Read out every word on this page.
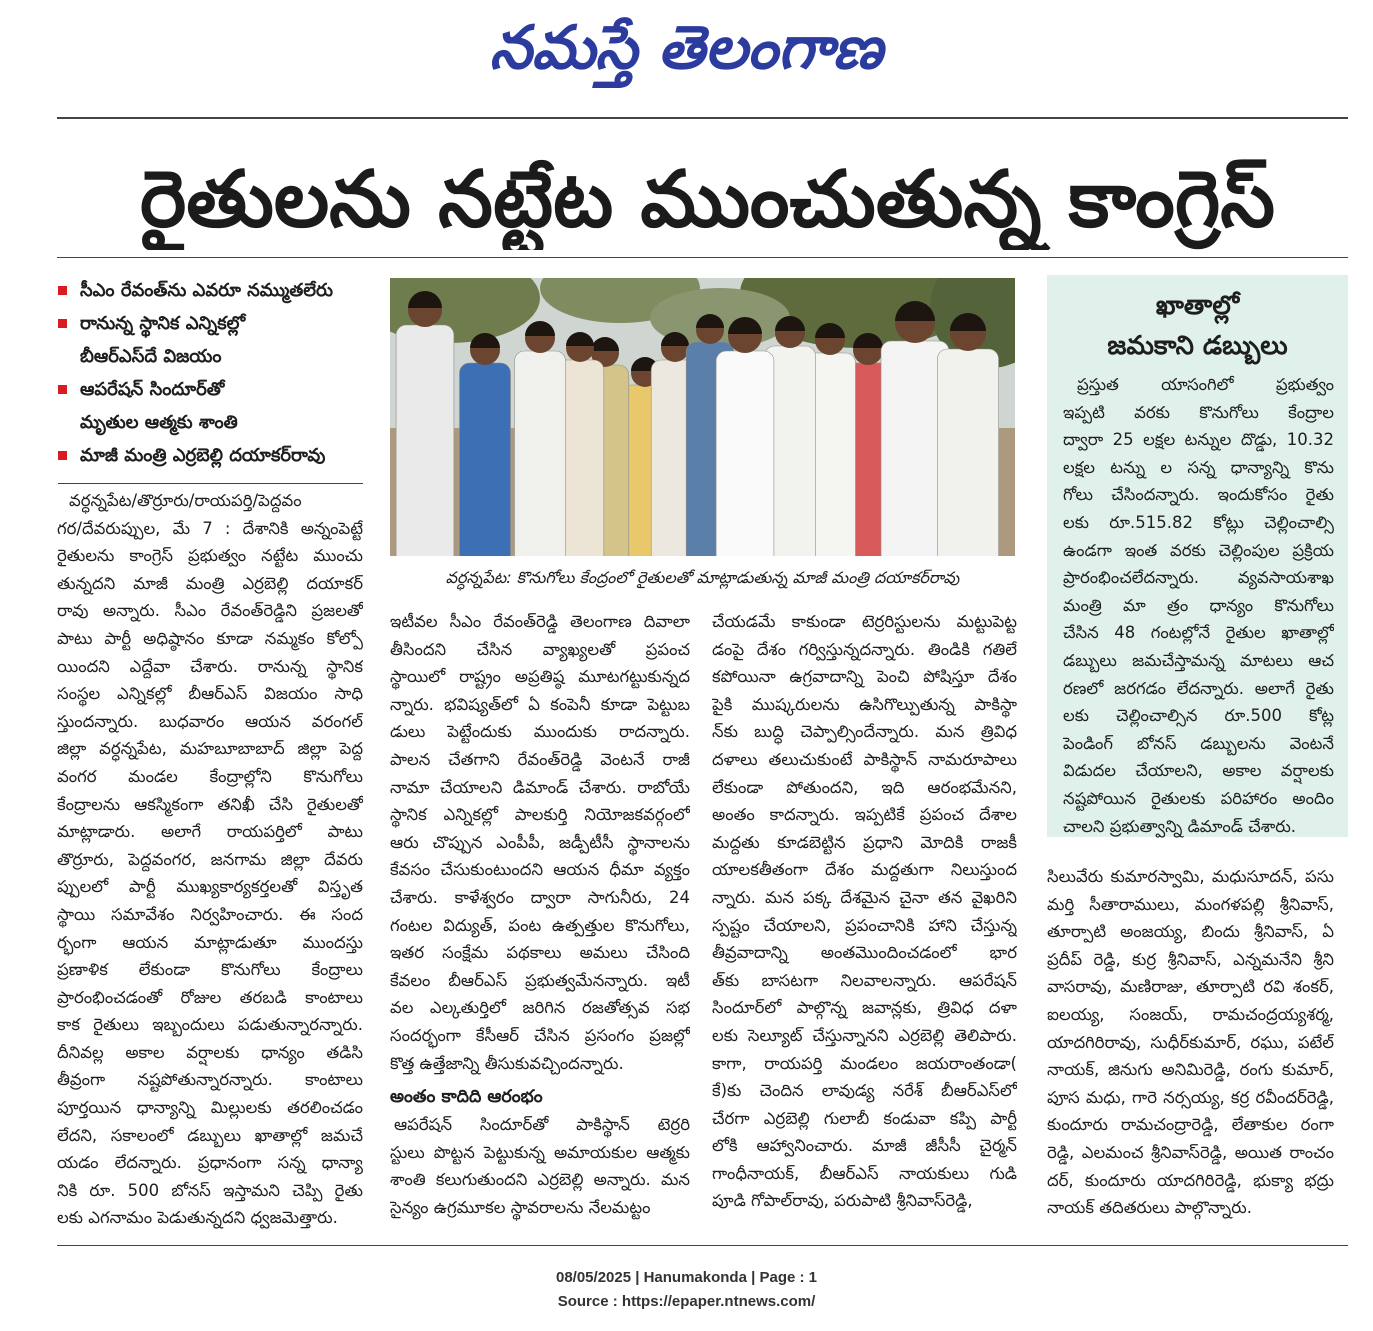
నమస్తే తెలంగాణ
రైతులను నట్టేట ముంచుతున్న కాంగ్రెస్
సీఎం రేవంత్‌ను ఎవరూ నమ్ముతలేరు
రానున్న స్థానిక ఎన్నికల్లో
బీఆర్ఎస్‌దే విజయం
ఆపరేషన్ సిందూర్‌తో
మృతుల ఆత్మకు శాంతి
మాజీ మంత్రి ఎర్రబెల్లి దయాకర్‌రావు
వర్ధన్నపేట/తొర్రూరు/రాయపర్తి/పెద్దవం
గర/దేవరుప్పుల, మే 7 : దేశానికి అన్నంపెట్టే
రైతులను కాంగ్రెస్ ప్రభుత్వం నట్టేట ముంచు
తున్నదని మాజీ మంత్రి ఎర్రబెల్లి దయాకర్
రావు అన్నారు. సీఎం రేవంత్‌రెడ్డిని ప్రజలతో
పాటు పార్టీ అధిష్ఠానం కూడా నమ్మకం కోల్పో
యిందని ఎద్దేవా చేశారు. రానున్న స్థానిక
సంస్థల ఎన్నికల్లో బీఆర్ఎస్ విజయం సాధి
స్తుందన్నారు. బుధవారం ఆయన వరంగల్
జిల్లా వర్ధన్నపేట, మహబూబాబాద్ జిల్లా పెద్ద
వంగర మండల కేంద్రాల్లోని కొనుగోలు
కేంద్రాలను ఆకస్మికంగా తనిఖీ చేసి రైతులతో
మాట్లాడారు. అలాగే రాయపర్తిలో పాటు
తొర్రూరు, పెద్దవంగర, జనగామ జిల్లా దేవరు
ప్పులలో పార్టీ ముఖ్యకార్యకర్తలతో విస్తృత
స్థాయి సమావేశం నిర్వహించారు. ఈ సంద
ర్భంగా ఆయన మాట్లాడుతూ ముందస్తు
ప్రణాళిక లేకుండా కొనుగోలు కేంద్రాలు
ప్రారంభించడంతో రోజుల తరబడి కాంటాలు
కాక రైతులు ఇబ్బందులు పడుతున్నారన్నారు.
దీనివల్ల అకాల వర్షాలకు ధాన్యం తడిసి
తీవ్రంగా నష్టపోతున్నారన్నారు. కాంటాలు
పూర్తయిన ధాన్యాన్ని మిల్లులకు తరలించడం
లేదని, సకాలంలో డబ్బులు ఖాతాల్లో జమచే
యడం లేదన్నారు. ప్రధానంగా సన్న ధాన్యా
నికి రూ. 500 బోనస్ ఇస్తామని చెప్పి రైతు
లకు ఎగనామం పెడుతున్నదని ధ్వజమెత్తారు.
వర్ధన్నపేట: కొనుగోలు కేంద్రంలో రైతులతో మాట్లాడుతున్న మాజీ మంత్రి దయాకర్‌రావు
ఇటీవల సీఎం రేవంత్‌రెడ్డి తెలంగాణ దివాలా
తీసిందని చేసిన వ్యాఖ్యలతో ప్రపంచ
స్థాయిలో రాష్ట్రం అప్రతిష్ఠ మూటగట్టుకున్నద
న్నారు. భవిష్యత్‌లో ఏ కంపెనీ కూడా పెట్టుబ
డులు పెట్టేందుకు ముందుకు రాదన్నారు.
పాలన చేతగాని రేవంత్‌రెడ్డి వెంటనే రాజీ
నామా చేయాలని డిమాండ్ చేశారు. రాబోయే
స్థానిక ఎన్నికల్లో పాలకుర్తి నియోజకవర్గంలో
ఆరు చొప్పున ఎంపీపీ, జడ్పీటీసీ స్థానాలను
కేవసం చేసుకుంటుందని ఆయన ధీమా వ్యక్తం
చేశారు. కాళేశ్వరం ద్వారా సాగునీరు, 24
గంటల విద్యుత్, పంట ఉత్పత్తుల కొనుగోలు,
ఇతర సంక్షేమ పథకాలు అమలు చేసింది
కేవలం బీఆర్ఎస్ ప్రభుత్వమేనన్నారు. ఇటీ
వల ఎల్కతుర్తిలో జరిగిన రజతోత్సవ సభ
సందర్భంగా కేసీఆర్ చేసిన ప్రసంగం ప్రజల్లో
కొత్త ఉత్తేజాన్ని తీసుకువచ్చిందన్నారు.
అంతం కాదిది ఆరంభం
ఆపరేషన్ సిందూర్‌తో పాకిస్థాన్ టెర్రరి
స్టులు పొట్టన పెట్టుకున్న అమాయకుల ఆత్మకు
శాంతి కలుగుతుందని ఎర్రబెల్లి అన్నారు. మన
సైన్యం ఉగ్రమూకల స్థావరాలను నేలమట్టం
చేయడమే కాకుండా టెర్రరిస్టులను మట్టుపెట్ట
డంపై దేశం గర్విస్తున్నదన్నారు. తిండికి గతిలే
కపోయినా ఉగ్రవాదాన్ని పెంచి పోషిస్తూ దేశం
పైకి ముష్కరులను ఉసిగొల్పుతున్న పాకిస్థా
న్‌కు బుద్ధి చెప్పాల్సిందేన్నారు. మన త్రివిధ
దళాలు తలుచుకుంటే పాకిస్థాన్ నామరూపాలు
లేకుండా పోతుందని, ఇది ఆరంభమేనని,
అంతం కాదన్నారు. ఇప్పటికే ప్రపంచ దేశాల
మద్దతు కూడబెట్టిన ప్రధాని మోదికి రాజకీ
యాలకతీతంగా దేశం మద్దతుగా నిలుస్తుంద
న్నారు. మన పక్క దేశమైన చైనా తన వైఖరిని
స్పష్టం చేయాలని, ప్రపంచానికి హాని చేస్తున్న
తీవ్రవాదాన్ని అంతమొందించడంలో భార
త్‌కు బాసటగా నిలవాలన్నారు. ఆపరేషన్
సిందూర్‌లో పాల్గొన్న జవాన్లకు, త్రివిధ దళా
లకు సెల్యూట్ చేస్తున్నానని ఎర్రబెల్లి తెలిపారు.
కాగా, రాయపర్తి మండలం జయరాంతండా(
కే)కు చెందిన లావుడ్య నరేశ్ బీఆర్ఎస్‌లో
చేరగా ఎర్రబెల్లి గులాబీ కండువా కప్పి పార్టీ
లోకి ఆహ్వానించారు. మాజీ జీసీసీ చైర్మన్
గాంధీనాయక్, బీఆర్ఎస్ నాయకులు గుడి
పూడి గోపాల్‌రావు, పరుపాటి శ్రీనివాస్‌రెడ్డి,
ఖాతాల్లో
జమకాని డబ్బులు
ప్రస్తుత యాసంగిలో ప్రభుత్వం
ఇప్పటి వరకు కొనుగోలు కేంద్రాల
ద్వారా 25 లక్షల టన్నుల దొడ్డు, 10.32
లక్షల టన్ను ల సన్న ధాన్యాన్ని కొను
గోలు చేసిందన్నారు. ఇందుకోసం రైతు
లకు రూ.515.82 కోట్లు చెల్లించాల్సి
ఉండగా ఇంత వరకు చెల్లింపుల ప్రక్రియ
ప్రారంభించలేదన్నారు. వ్యవసాయశాఖ
మంత్రి మా త్రం ధాన్యం కొనుగోలు
చేసిన 48 గంటల్లోనే రైతుల ఖాతాల్లో
డబ్బులు జమచేస్తామన్న మాటలు ఆచ
రణలో జరగడం లేదన్నారు. అలాగే రైతు
లకు చెల్లించాల్సిన రూ.500 కోట్ల
పెండింగ్ బోనస్ డబ్బులను వెంటనే
విడుదల చేయాలని, అకాల వర్షాలకు
నష్టపోయిన రైతులకు పరిహారం అందిం
చాలని ప్రభుత్వాన్ని డిమాండ్ చేశారు.
సిలువేరు కుమారస్వామి, మధుసూదన్, పసు
మర్తి సీతారాములు, మంగళపల్లి శ్రీనివాస్,
తూర్పాటి అంజయ్య, బిందు శ్రీనివాస్, ఏ
ప్రదీప్ రెడ్డి, కుర్ర శ్రీనివాస్, ఎన్నమనేని శ్రీని
వాసరావు, మణిరాజు, తూర్పాటి రవి శంకర్,
ఐలయ్య, సంజయ్, రామచంద్రయ్యశర్మ,
యాదగిరిరావు, సుధీర్‌కుమార్, రఘు, పటేల్
నాయక్, జినుగు అనిమిరెడ్డి, రంగు కుమార్,
పూస మధు, గారె నర్సయ్య, కర్ర రవీందర్‌రెడ్డి,
కుందూరు రామచంద్రారెడ్డి, లేతాకుల రంగా
రెడ్డి, ఎలమంచ శ్రీనివాస్‌రెడ్డి, అయిత రాంచం
దర్, కుందూరు యాదగిరిరెడ్డి, భుక్యా భద్రు
నాయక్ తదితరులు పాల్గొన్నారు.
08/05/2025 | Hanumakonda | Page : 1
Source : https://epaper.ntnews.com/
